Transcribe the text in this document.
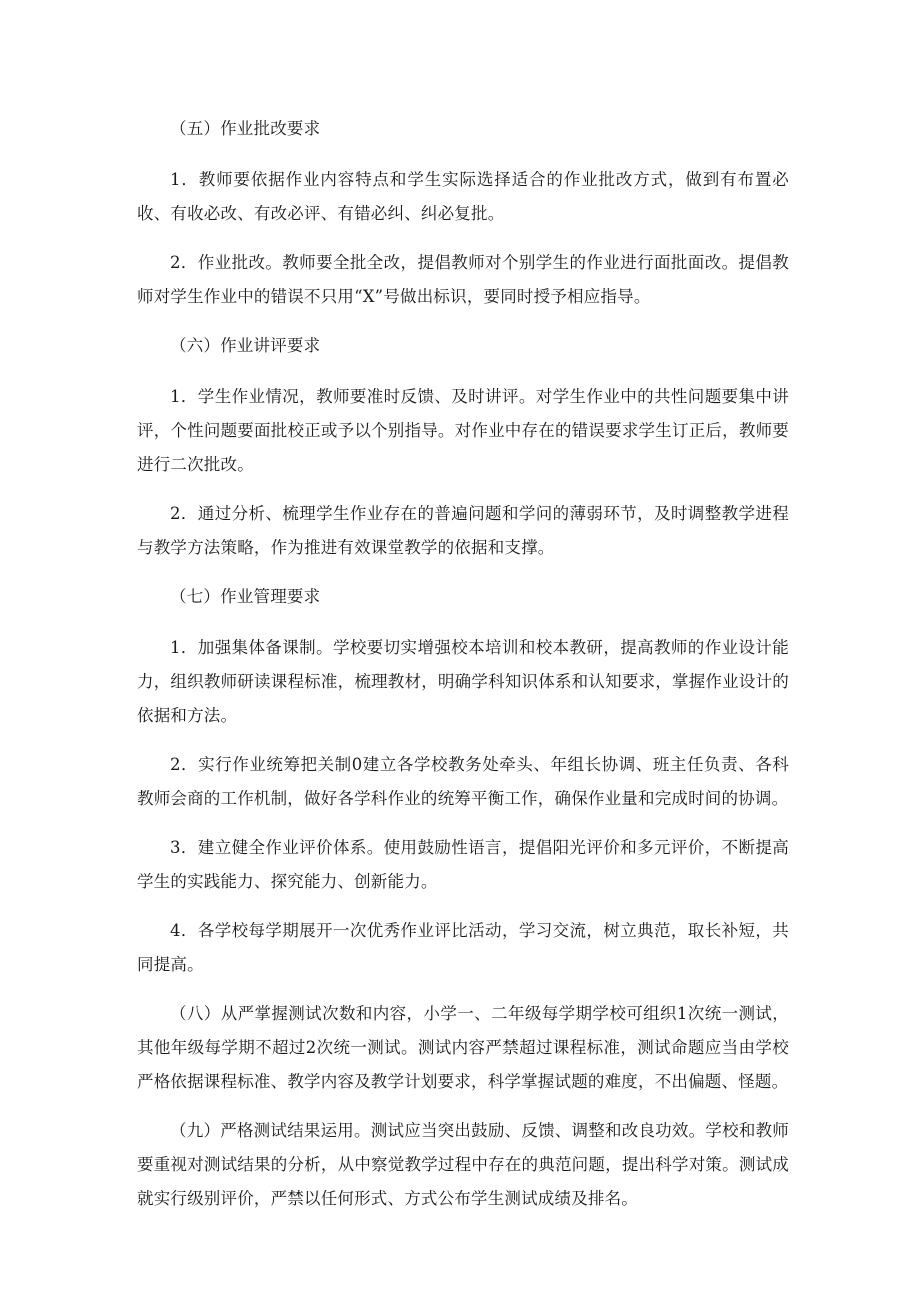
（五）作业批改要求

1．教师要依据作业内容特点和学生实际选择适合的作业批改方式，做到有布置必收、有收必改、有改必评、有错必纠、纠必复批。

2．作业批改。教师要全批全改，提倡教师对个别学生的作业进行面批面改。提倡教师对学生作业中的错误不只用“X”号做出标识，要同时授予相应指导。

（六）作业讲评要求

1．学生作业情况，教师要准时反馈、及时讲评。对学生作业中的共性问题要集中讲评，个性问题要面批校正或予以个别指导。对作业中存在的错误要求学生订正后，教师要进行二次批改。

2．通过分析、梳理学生作业存在的普遍问题和学问的薄弱环节，及时调整教学进程与教学方法策略，作为推进有效课堂教学的依据和支撑。

（七）作业管理要求

1．加强集体备课制。学校要切实增强校本培训和校本教研，提高教师的作业设计能力，组织教师研读课程标准，梳理教材，明确学科知识体系和认知要求，掌握作业设计的依据和方法。

2．实行作业统筹把关制0建立各学校教务处牵头、年组长协调、班主任负责、各科教师会商的工作机制，做好各学科作业的统筹平衡工作，确保作业量和完成时间的协调。

3．建立健全作业评价体系。使用鼓励性语言，提倡阳光评价和多元评价，不断提高学生的实践能力、探究能力、创新能力。

4．各学校每学期展开一次优秀作业评比活动，学习交流，树立典范，取长补短，共同提高。

（八）从严掌握测试次数和内容，小学一、二年级每学期学校可组织1次统一测试，其他年级每学期不超过2次统一测试。测试内容严禁超过课程标准，测试命题应当由学校严格依据课程标准、教学内容及教学计划要求，科学掌握试题的难度，不出偏题、怪题。

（九）严格测试结果运用。测试应当突出鼓励、反馈、调整和改良功效。学校和教师要重视对测试结果的分析，从中察觉教学过程中存在的典范问题，提出科学对策。测试成就实行级别评价，严禁以任何形式、方式公布学生测试成绩及排名。
